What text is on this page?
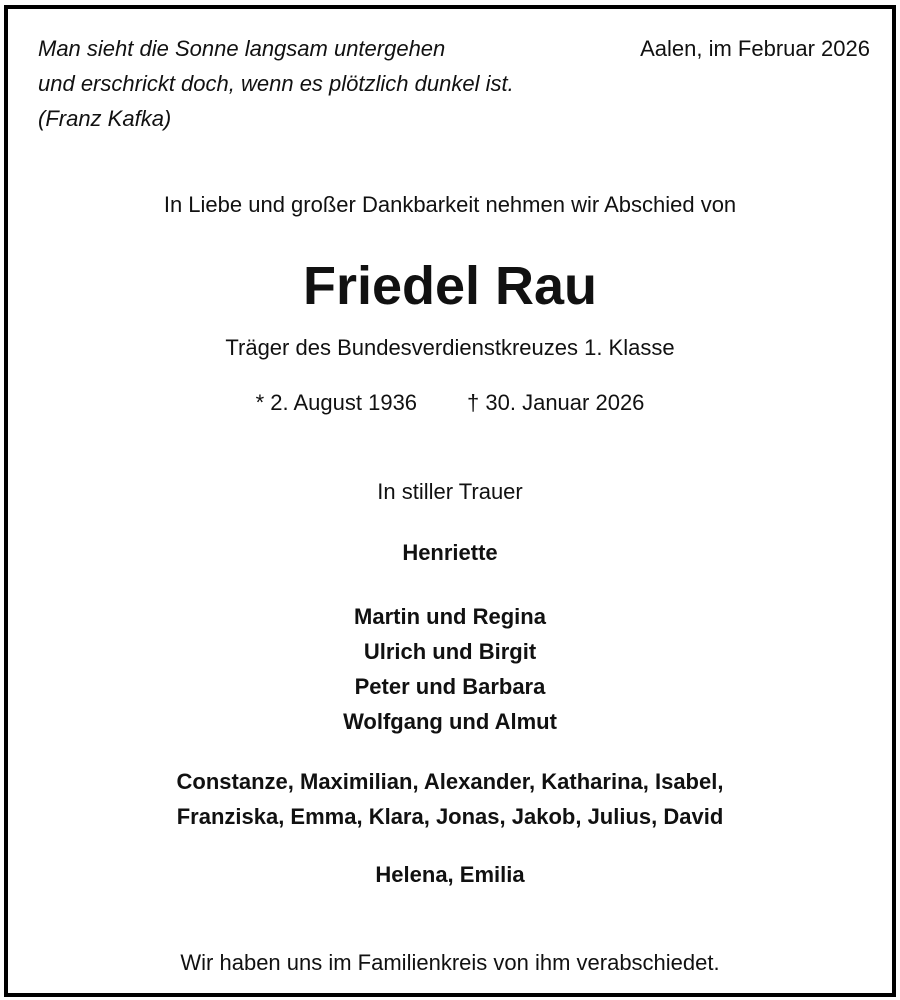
Man sieht die Sonne langsam untergehen
und erschrickt doch, wenn es plötzlich dunkel ist.
(Franz Kafka)
Aalen, im Februar 2026
In Liebe und großer Dankbarkeit nehmen wir Abschied von
Friedel Rau
Träger des Bundesverdienstkreuzes 1. Klasse
* 2. August 1936 † 30. Januar 2026
In stiller Trauer
Henriette
Martin und Regina
Ulrich und Birgit
Peter und Barbara
Wolfgang und Almut
Constanze, Maximilian, Alexander, Katharina, Isabel,
Franziska, Emma, Klara, Jonas, Jakob, Julius, David
Helena, Emilia
Wir haben uns im Familienkreis von ihm verabschiedet.
